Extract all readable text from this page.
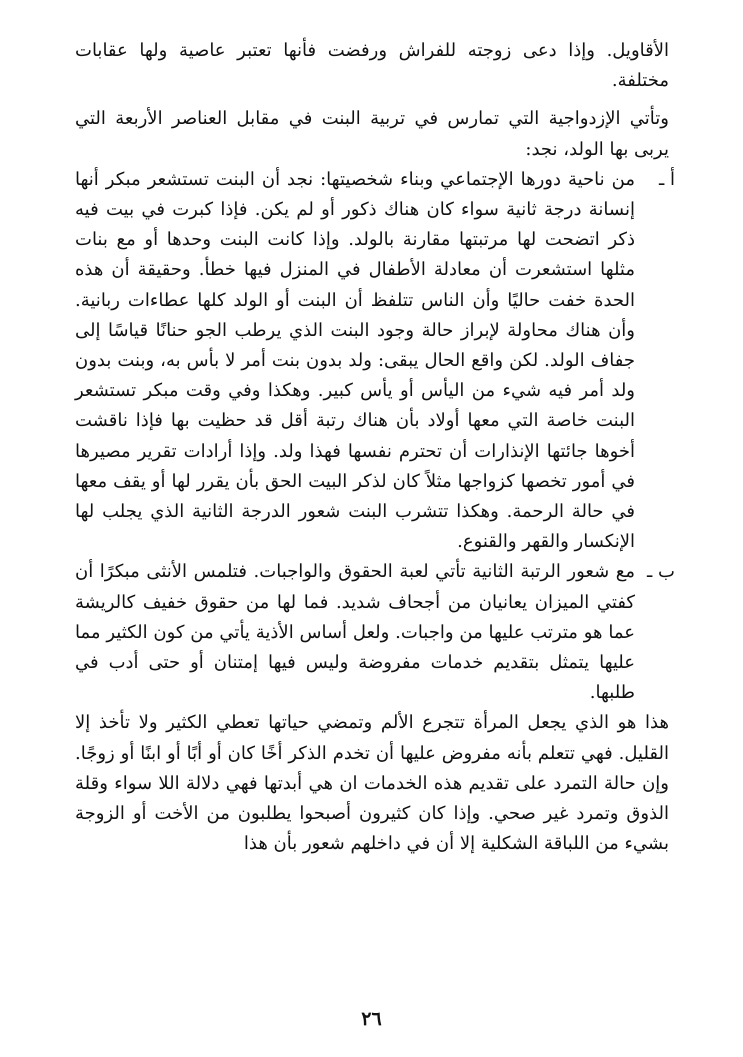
الأقاويل. وإذا دعى زوجته للفراش ورفضت فأنها تعتبر عاصية ولها عقابات مختلفة.

وتأتي الإزدواجية التي تمارس في تربية البنت في مقابل العناصر الأربعة التي يربى بها الولد، نجد:

أ ـ
من ناحية دورها الإجتماعي وبناء شخصيتها: نجد أن البنت تستشعر مبكر أنها إنسانة درجة ثانية سواء كان هناك ذكور أو لم يكن. فإذا كبرت في بيت فيه ذكر اتضحت لها مرتبتها مقارنة بالولد. وإذا كانت البنت وحدها أو مع بنات مثلها استشعرت أن معادلة الأطفال في المنزل فيها خطأ. وحقيقة أن هذه الحدة خفت حاليًا وأن الناس تتلفظ أن البنت أو الولد كلها عطاءات ربانية. وأن هناك محاولة لإبراز حالة وجود البنت الذي يرطب الجو حنانًا قياسًا إلى جفاف الولد. لكن واقع الحال يبقى: ولد بدون بنت أمر لا بأس به، وبنت بدون ولد أمر فيه شيء من اليأس أو يأس كبير. وهكذا وفي وقت مبكر تستشعر البنت خاصة التي معها أولاد بأن هناك رتبة أقل قد حظيت بها فإذا ناقشت أخوها جائتها الإنذارات أن تحترم نفسها فهذا ولد. وإذا أرادات تقرير مصيرها في أمور تخصها كزواجها مثلاً كان لذكر البيت الحق بأن يقرر لها أو يقف معها في حالة الرحمة. وهكذا تتشرب البنت شعور الدرجة الثانية الذي يجلب لها الإنكسار والقهر والقنوع.
ب ـ
مع شعور الرتبة الثانية تأتي لعبة الحقوق والواجبات. فتلمس الأنثى مبكرًا أن كفتي الميزان يعانيان من أجحاف شديد. فما لها من حقوق خفيف كالريشة عما هو مترتب عليها من واجبات. ولعل أساس الأذية يأتي من كون الكثير مما عليها يتمثل بتقديم خدمات مفروضة وليس فيها إمتنان أو حتى أدب في طلبها.

هذا هو الذي يجعل المرأة تتجرع الألم وتمضي حياتها تعطي الكثير ولا تأخذ إلا القليل. فهي تتعلم بأنه مفروض عليها أن تخدم الذكر أخًا كان أو أبًا أو ابنًا أو زوجًا. وإن حالة التمرد على تقديم هذه الخدمات ان هي أبدتها فهي دلالة اللا سواء وقلة الذوق وتمرد غير صحي. وإذا كان كثيرون أصبحوا يطلبون من الأخت أو الزوجة بشيء من اللباقة الشكلية إلا أن في داخلهم شعور بأن هذا

٢٦
